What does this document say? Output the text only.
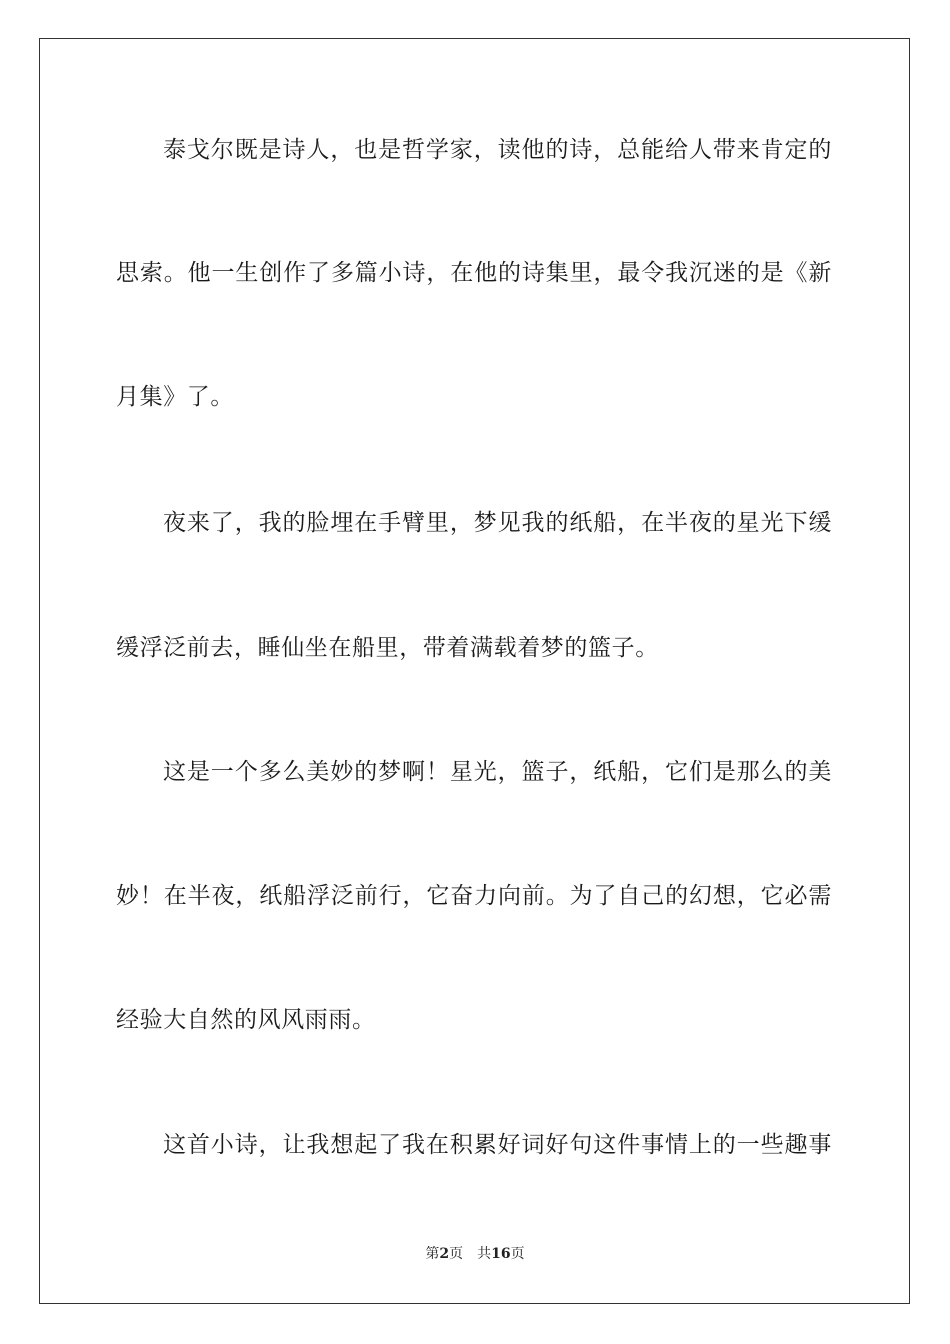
泰戈尔既是诗人，也是哲学家，读他的诗，总能给人带来肯定的
思索。他一生创作了多篇小诗，在他的诗集里，最令我沉迷的是《新
月集》了。
夜来了，我的脸埋在手臂里，梦见我的纸船，在半夜的星光下缓
缓浮泛前去，睡仙坐在船里，带着满载着梦的篮子。
这是一个多么美妙的梦啊！星光，篮子，纸船，它们是那么的美
妙！在半夜，纸船浮泛前行，它奋力向前。为了自己的幻想，它必需
经验大自然的风风雨雨。
这首小诗，让我想起了我在积累好词好句这件事情上的一些趣事
第2页 共16页
